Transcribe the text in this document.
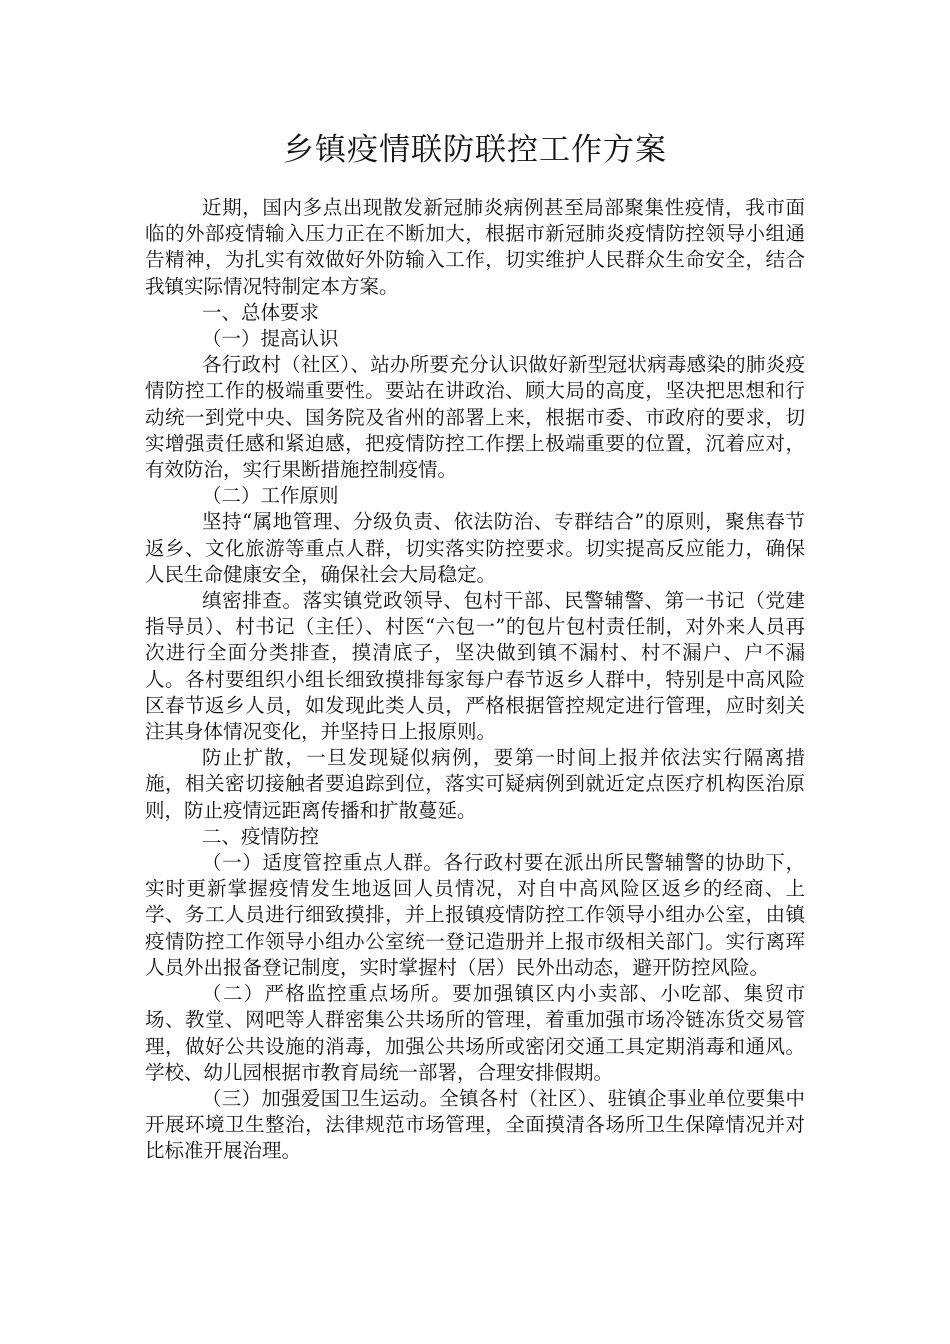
乡镇疫情联防联控工作方案

近期，国内多点出现散发新冠肺炎病例甚至局部聚集性疫情，我市面临的外部疫情输入压力正在不断加大，根据市新冠肺炎疫情防控领导小组通告精神，为扎实有效做好外防输入工作，切实维护人民群众生命安全，结合我镇实际情况特制定本方案。

一、总体要求

（一）提高认识

各行政村（社区）、站办所要充分认识做好新型冠状病毒感染的肺炎疫情防控工作的极端重要性。要站在讲政治、顾大局的高度，坚决把思想和行动统一到党中央、国务院及省州的部署上来，根据市委、市政府的要求，切实增强责任感和紧迫感，把疫情防控工作摆上极端重要的位置，沉着应对，有效防治，实行果断措施控制疫情。

（二）工作原则

坚持“属地管理、分级负责、依法防治、专群结合”的原则，聚焦春节返乡、文化旅游等重点人群，切实落实防控要求。切实提高反应能力，确保人民生命健康安全，确保社会大局稳定。

缜密排查。落实镇党政领导、包村干部、民警辅警、第一书记（党建指导员）、村书记（主任）、村医“六包一”的包片包村责任制，对外来人员再次进行全面分类排查，摸清底子，坚决做到镇不漏村、村不漏户、户不漏人。各村要组织小组长细致摸排每家每户春节返乡人群中，特别是中高风险区春节返乡人员，如发现此类人员，严格根据管控规定进行管理，应时刻关注其身体情况变化，并坚持日上报原则。

防止扩散，一旦发现疑似病例，要第一时间上报并依法实行隔离措施，相关密切接触者要追踪到位，落实可疑病例到就近定点医疗机构医治原则，防止疫情远距离传播和扩散蔓延。

二、疫情防控

（一）适度管控重点人群。各行政村要在派出所民警辅警的协助下，实时更新掌握疫情发生地返回人员情况，对自中高风险区返乡的经商、上学、务工人员进行细致摸排，并上报镇疫情防控工作领导小组办公室，由镇疫情防控工作领导小组办公室统一登记造册并上报市级相关部门。实行离珲人员外出报备登记制度，实时掌握村（居）民外出动态，避开防控风险。

（二）严格监控重点场所。要加强镇区内小卖部、小吃部、集贸市场、教堂、网吧等人群密集公共场所的管理，着重加强市场冷链冻货交易管理，做好公共设施的消毒，加强公共场所或密闭交通工具定期消毒和通风。学校、幼儿园根据市教育局统一部署，合理安排假期。

（三）加强爱国卫生运动。全镇各村（社区）、驻镇企事业单位要集中开展环境卫生整治，法律规范市场管理，全面摸清各场所卫生保障情况并对比标准开展治理。
